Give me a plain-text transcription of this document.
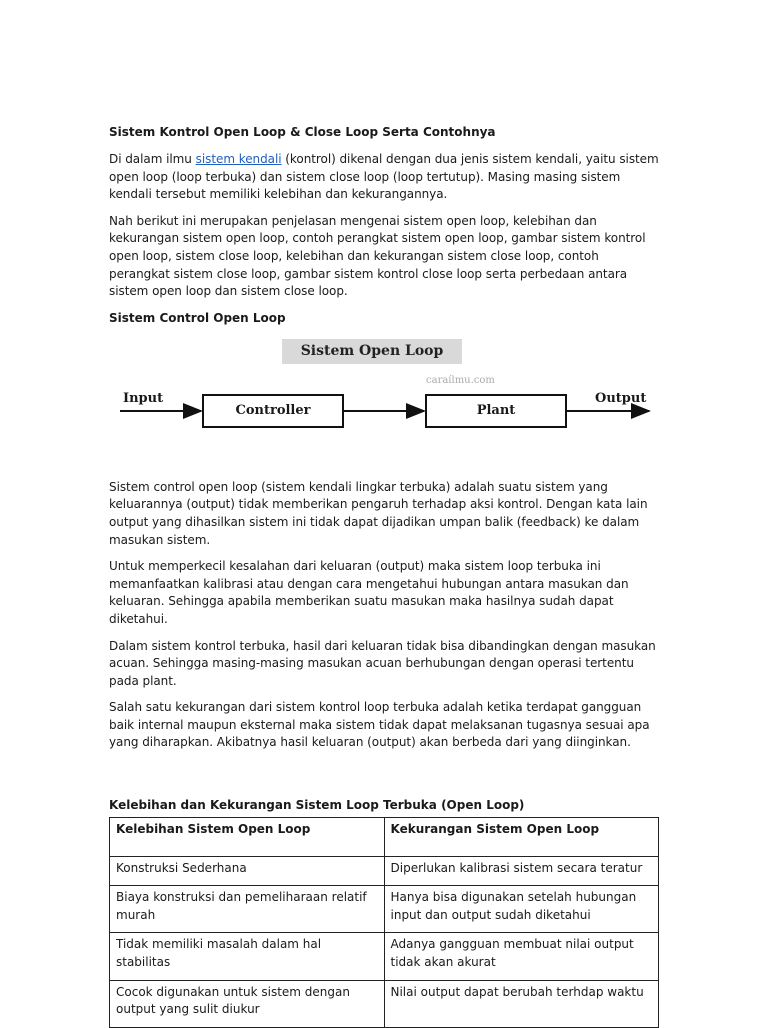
Sistem Kontrol Open Loop & Close Loop Serta Contohnya

Di dalam ilmu sistem kendali (kontrol) dikenal dengan dua jenis sistem kendali, yaitu sistem open loop (loop terbuka) dan sistem close loop (loop tertutup). Masing masing sistem kendali tersebut memiliki kelebihan dan kekurangannya.

Nah berikut ini merupakan penjelasan mengenai sistem open loop, kelebihan dan kekurangan sistem open loop, contoh perangkat sistem open loop, gambar sistem kontrol open loop, sistem close loop, kelebihan dan kekurangan sistem close loop, contoh perangkat sistem close loop, gambar sistem kontrol close loop serta perbedaan antara sistem open loop dan sistem close loop.

Sistem Control Open Loop
Sistem Open Loop
caraílmu.com
Input
Controller	Plant
Output

Sistem control open loop (sistem kendali lingkar terbuka) adalah suatu sistem yang keluarannya (output) tidak memberikan pengaruh terhadap aksi kontrol. Dengan kata lain output yang dihasilkan sistem ini tidak dapat dijadikan umpan balik (feedback) ke dalam masukan sistem.

Untuk memperkecil kesalahan dari keluaran (output) maka sistem loop terbuka ini memanfaatkan kalibrasi atau dengan cara mengetahui hubungan antara masukan dan keluaran. Sehingga apabila memberikan suatu masukan maka hasilnya sudah dapat diketahui.

Dalam sistem kontrol terbuka, hasil dari keluaran tidak bisa dibandingkan dengan masukan acuan. Sehingga masing-masing masukan acuan berhubungan dengan operasi tertentu pada plant.

Salah satu kekurangan dari sistem kontrol loop terbuka adalah ketika terdapat gangguan baik internal maupun eksternal maka sistem tidak dapat melaksanan tugasnya sesuai apa yang diharapkan. Akibatnya hasil keluaran (output) akan berbeda dari yang diinginkan.

Kelebihan dan Kekurangan Sistem Loop Terbuka (Open Loop)
Kelebihan Sistem Open Loop	Kekurangan Sistem Open Loop
Konstruksi Sederhana	Diperlukan kalibrasi sistem secara teratur
Biaya konstruksi dan pemeliharaan relatif murah	Hanya bisa digunakan setelah hubungan input dan output sudah diketahui
Tidak memiliki masalah dalam hal stabilitas	Adanya gangguan membuat nilai output tidak akan akurat
Cocok digunakan untuk sistem dengan output yang sulit diukur	Nilai output dapat berubah terhdap waktu
